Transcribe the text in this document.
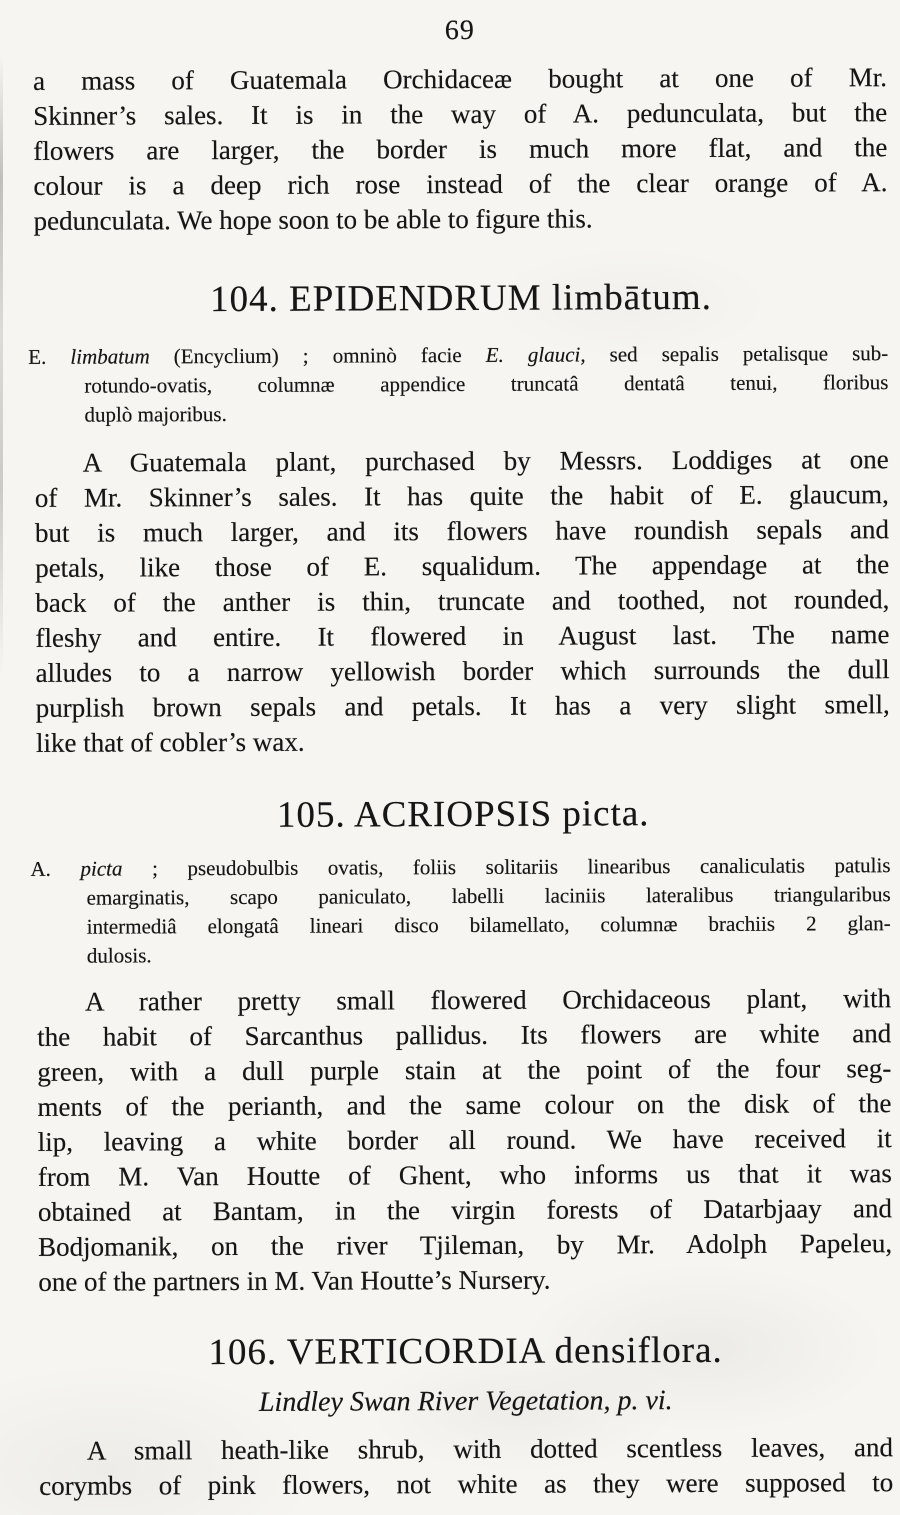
69
a mass of Guatemala Orchidaceæ bought at one of Mr.
Skinner’s sales. It is in the way of A. pedunculata, but the
flowers are larger, the border is much more flat, and the
colour is a deep rich rose instead of the clear orange of A.
pedunculata. We hope soon to be able to figure this.
104. EPIDENDRUM limbātum.
E. limbatum (Encyclium) ; omninò facie E. glauci, sed sepalis petalisque sub-
rotundo-ovatis, columnæ appendice truncatâ dentatâ tenui, floribus
duplò majoribus.
A Guatemala plant, purchased by Messrs. Loddiges at one
of Mr. Skinner’s sales. It has quite the habit of E. glaucum,
but is much larger, and its flowers have roundish sepals and
petals, like those of E. squalidum. The appendage at the
back of the anther is thin, truncate and toothed, not rounded,
fleshy and entire. It flowered in August last. The name
alludes to a narrow yellowish border which surrounds the dull
purplish brown sepals and petals. It has a very slight smell,
like that of cobler’s wax.
105. ACRIOPSIS picta.
A. picta ; pseudobulbis ovatis, foliis solitariis linearibus canaliculatis patulis
emarginatis, scapo paniculato, labelli laciniis lateralibus triangularibus
intermediâ elongatâ lineari disco bilamellato, columnæ brachiis 2 glan-
dulosis.
A rather pretty small flowered Orchidaceous plant, with
the habit of Sarcanthus pallidus. Its flowers are white and
green, with a dull purple stain at the point of the four seg-
ments of the perianth, and the same colour on the disk of the
lip, leaving a white border all round. We have received it
from M. Van Houtte of Ghent, who informs us that it was
obtained at Bantam, in the virgin forests of Datarbjaay and
Bodjomanik, on the river Tjileman, by Mr. Adolph Papeleu,
one of the partners in M. Van Houtte’s Nursery.
106. VERTICORDIA densiflora.
Lindley Swan River Vegetation, p. vi.
A small heath-like shrub, with dotted scentless leaves, and
corymbs of pink flowers, not white as they were supposed to
